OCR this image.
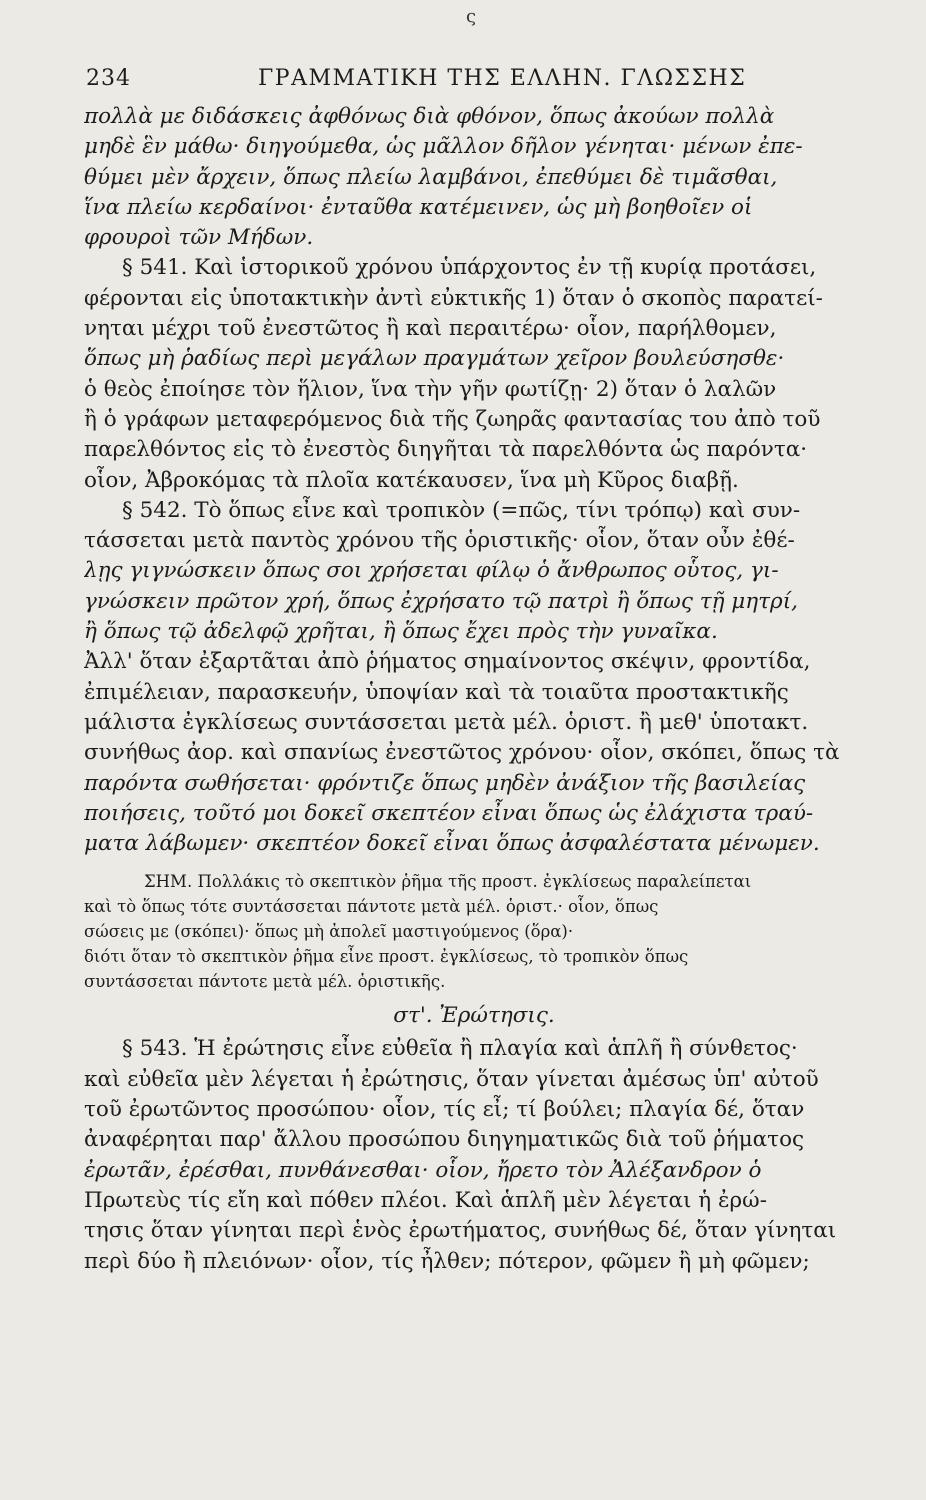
ς
234	ΓΡΑΜΜΑΤΙΚΗ ΤΗΣ ΕΛΛΗΝ. ΓΛΩΣΣΗΣ
πολλὰ με διδάσκεις ἀφθόνως διὰ φθόνον, ὅπως ἀκούων πολλὰ
μηδὲ ἓν μάθω· διηγούμεθα, ὡς μᾶλλον δῆλον γένηται· μένων ἐπε-
θύμει μὲν ἄρχειν, ὅπως πλείω λαμβάνοι, ἐπεθύμει δὲ τιμᾶσθαι,
ἵνα πλείω κερδαίνοι· ἐνταῦθα κατέμεινεν, ὡς μὴ βοηθοῖεν οἱ
φρουροὶ τῶν Μήδων.
§ 541. Καὶ ἱστορικοῦ χρόνου ὑπάρχοντος ἐν τῇ κυρίᾳ προτάσει,
φέρονται εἰς ὑποτακτικὴν ἀντὶ εὐκτικῆς 1) ὅταν ὁ σκοπὸς παρατεί-
νηται μέχρι τοῦ ἐνεστῶτος ἢ καὶ περαιτέρω· οἷον, παρήλθομεν,
ὅπως μὴ ῥαδίως περὶ μεγάλων πραγμάτων χεῖρον βουλεύσησθε·
ὁ θεὸς ἐποίησε τὸν ἥλιον, ἵνα τὴν γῆν φωτίζῃ· 2) ὅταν ὁ λαλῶν
ἢ ὁ γράφων μεταφερόμενος διὰ τῆς ζωηρᾶς φαντασίας του ἀπὸ τοῦ
παρελθόντος εἰς τὸ ἐνεστὸς διηγῆται τὰ παρελθόντα ὡς παρόντα·
οἷον, Ἀβροκόμας τὰ πλοῖα κατέκαυσεν, ἵνα μὴ Κῦρος διαβῇ.
§ 542. Τὸ ὅπως εἶνε καὶ τροπικὸν (=πῶς, τίνι τρόπῳ) καὶ συν-
τάσσεται μετὰ παντὸς χρόνου τῆς ὁριστικῆς· οἷον, ὅταν οὖν ἐθέ-
λῃς γιγνώσκειν ὅπως σοι χρήσεται φίλῳ ὁ ἄνθρωπος οὗτος, γι-
γνώσκειν πρῶτον χρή, ὅπως ἐχρήσατο τῷ πατρὶ ἢ ὅπως τῇ μητρί,
ἢ ὅπως τῷ ἀδελφῷ χρῆται, ἢ ὅπως ἔχει πρὸς τὴν γυναῖκα.
Ἀλλ' ὅταν ἐξαρτᾶται ἀπὸ ῥήματος σημαίνοντος σκέψιν, φροντίδα,
ἐπιμέλειαν, παρασκευήν, ὑποψίαν καὶ τὰ τοιαῦτα προστακτικῆς
μάλιστα ἐγκλίσεως συντάσσεται μετὰ μέλ. ὁριστ. ἢ μεθ' ὑποτακτ.
συνήθως ἀορ. καὶ σπανίως ἐνεστῶτος χρόνου· οἷον, σκόπει, ὅπως τὰ
παρόντα σωθήσεται· φρόντιζε ὅπως μηδὲν ἀνάξιον τῆς βασιλείας
ποιήσεις, τοῦτό μοι δοκεῖ σκεπτέον εἶναι ὅπως ὡς ἐλάχιστα τραύ-
ματα λάβωμεν· σκεπτέον δοκεῖ εἶναι ὅπως ἀσφαλέστατα μένωμεν.
ΣΗΜ. Πολλάκις τὸ σκεπτικὸν ῥῆμα τῆς προστ. ἐγκλίσεως παραλείπεται
καὶ τὸ ὅπως τότε συντάσσεται πάντοτε μετὰ μέλ. ὁριστ.· οἷον, ὅπως
σώσεις με (σκόπει)· ὅπως μὴ ἀπολεῖ μαστιγούμενος (ὅρα)·
διότι ὅταν τὸ σκεπτικὸν ῥῆμα εἶνε προστ. ἐγκλίσεως, τὸ τροπικὸν ὅπως
συντάσσεται πάντοτε μετὰ μέλ. ὁριστικῆς.
στ'. Ἐρώτησις.
§ 543. Ἡ ἐρώτησις εἶνε εὐθεῖα ἢ πλαγία καὶ ἁπλῆ ἢ σύνθετος·
καὶ εὐθεῖα μὲν λέγεται ἡ ἐρώτησις, ὅταν γίνεται ἀμέσως ὑπ' αὐτοῦ
τοῦ ἐρωτῶντος προσώπου· οἷον, τίς εἶ; τί βούλει; πλαγία δέ, ὅταν
ἀναφέρηται παρ' ἄλλου προσώπου διηγηματικῶς διὰ τοῦ ῥήματος
ἐρωτᾶν, ἐρέσθαι, πυνθάνεσθαι· οἷον, ἤρετο τὸν Ἀλέξανδρον ὁ
Πρωτεὺς τίς εἴη καὶ πόθεν πλέοι. Καὶ ἁπλῆ μὲν λέγεται ἡ ἐρώ-
τησις ὅταν γίνηται περὶ ἑνὸς ἐρωτήματος, συνήθως δέ, ὅταν γίνηται
περὶ δύο ἢ πλειόνων· οἷον, τίς ἦλθεν; πότερον, φῶμεν ἢ μὴ φῶμεν;
